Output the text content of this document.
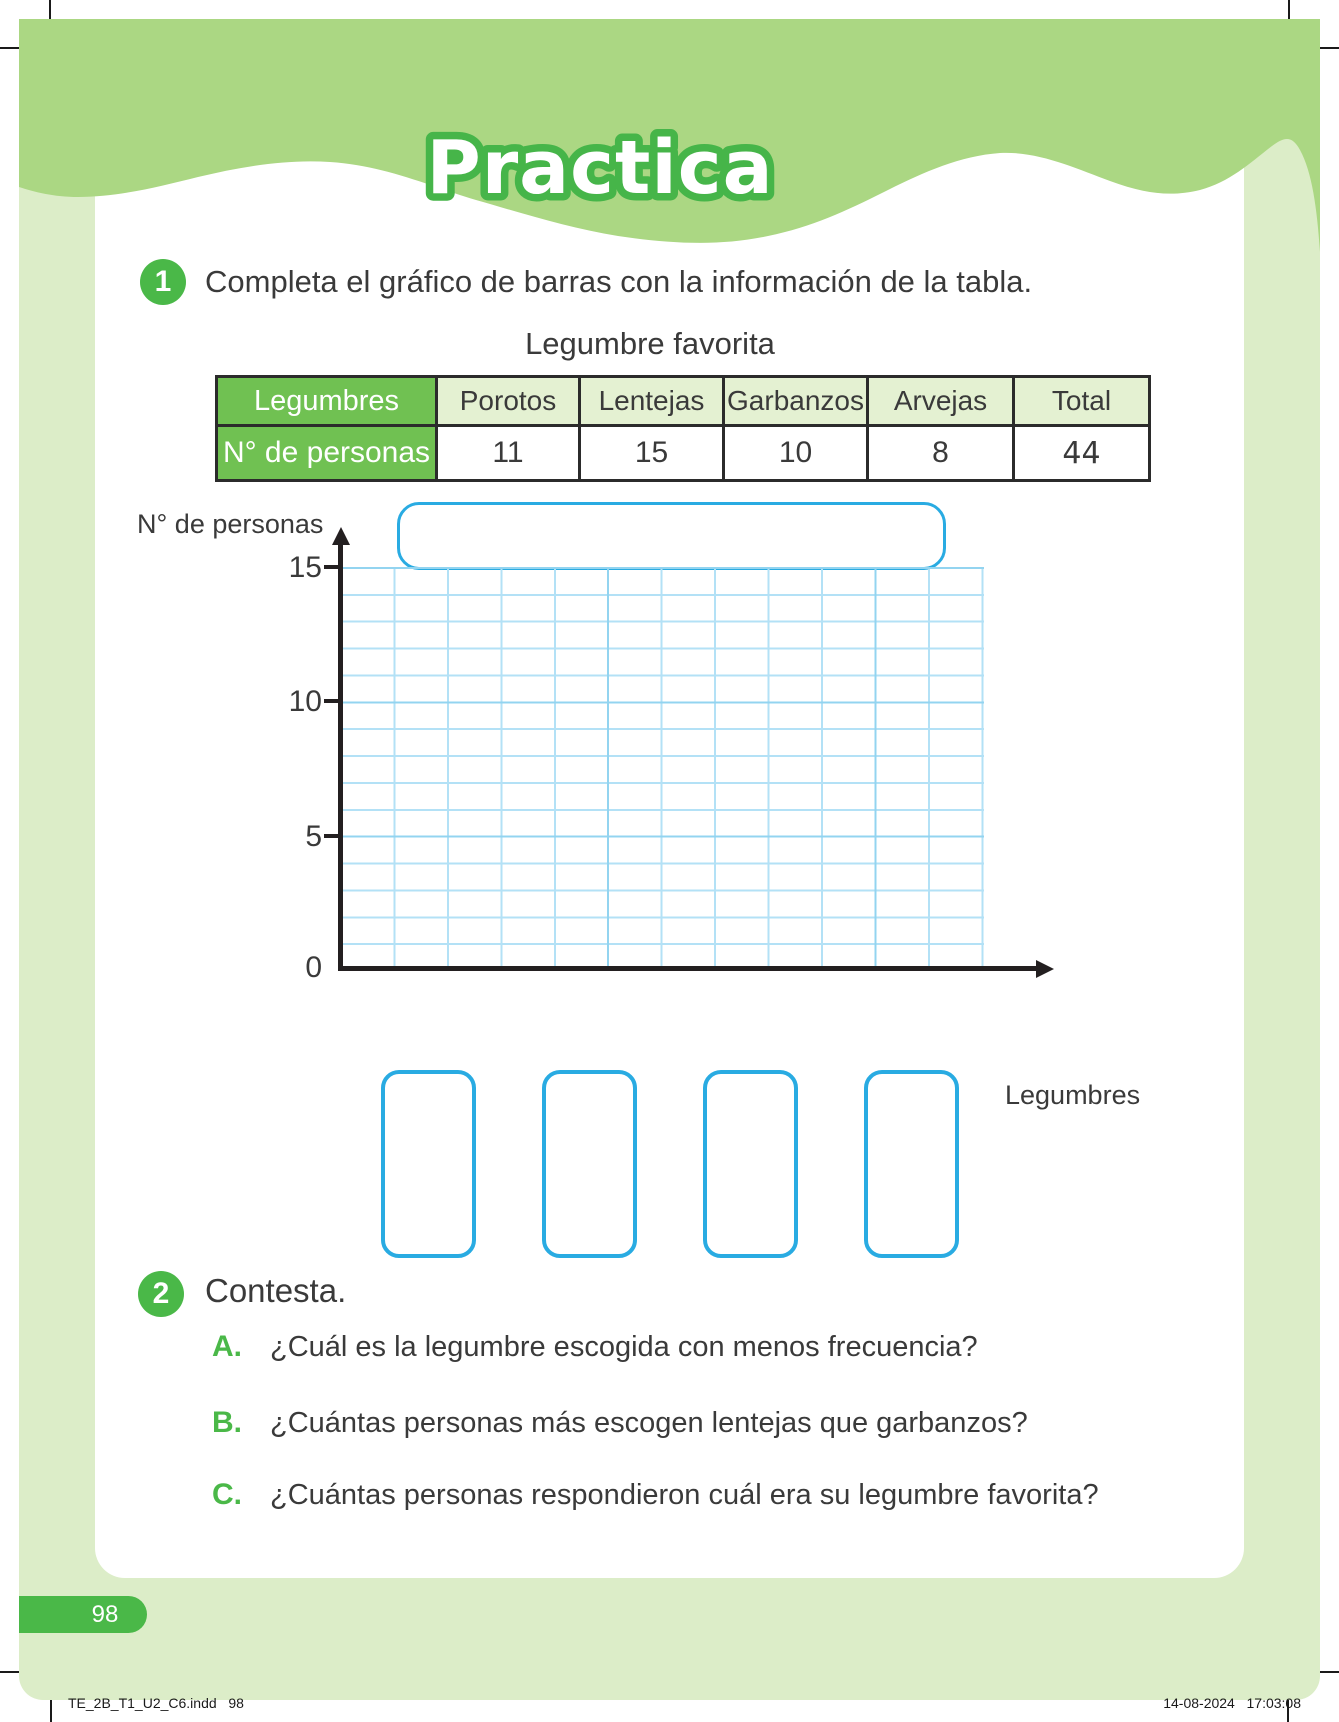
Practica
1 Completa el gráfico de barras con la información de la tabla.
Legumbre favorita
Legumbres	Porotos	Lentejas	Garbanzos	Arvejas	Total
N° de personas	11	15	10	8	44
N° de personas
15
10
5
0
Legumbres
2 Contesta.
A. ¿Cuál es la legumbre escogida con menos frecuencia?
B. ¿Cuántas personas más escogen lentejas que garbanzos?
C. ¿Cuántas personas respondieron cuál era su legumbre favorita?
98
TE_2B_T1_U2_C6.indd   98	14-08-2024   17:03:08
